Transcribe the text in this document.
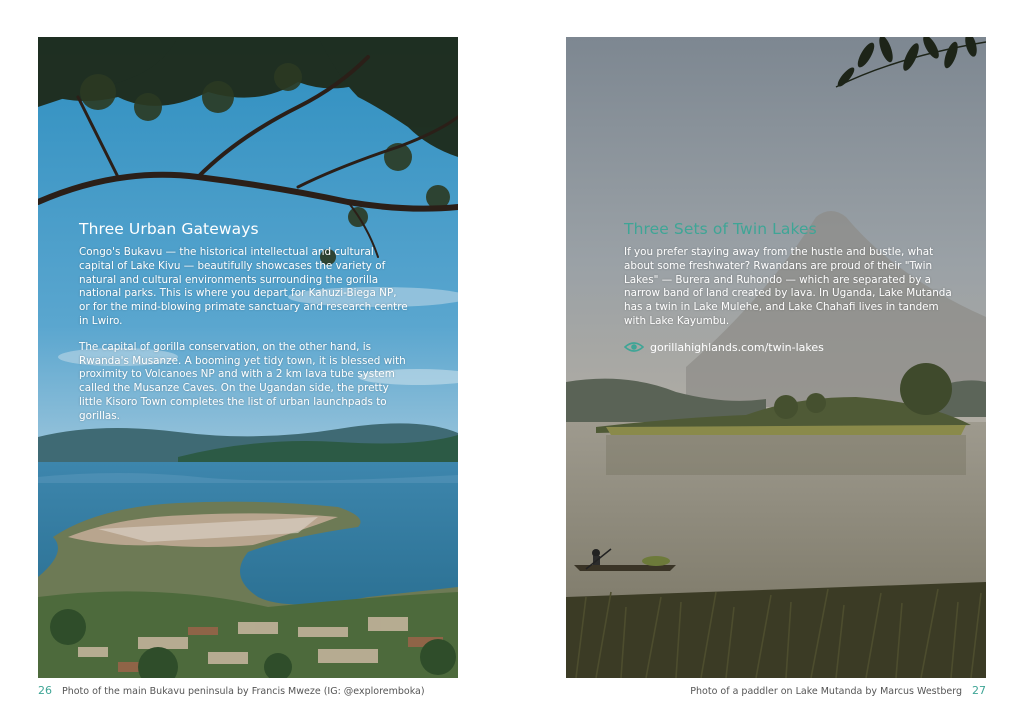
Three Urban Gateways

Congo's Bukavu — the historical intellectual and cultural capital of Lake Kivu — beautifully showcases the variety of natural and cultural environments surrounding the gorilla national parks. This is where you depart for Kahuzi-Biega NP, or for the mind-blowing primate sanctuary and research centre in Lwiro.

The capital of gorilla conservation, on the other hand, is Rwanda's Musanze. A booming yet tidy town, it is blessed with proximity to Volcanoes NP and with a 2 km lava tube system called the Musanze Caves. On the Ugandan side, the pretty little Kisoro Town completes the list of urban launchpads to gorillas.

Three Sets of Twin Lakes

If you prefer staying away from the hustle and bustle, what about some freshwater? Rwandans are proud of their "Twin Lakes" — Burera and Ruhondo — which are separated by a narrow band of land created by lava. In Uganda, Lake Mutanda has a twin in Lake Mulehe, and Lake Chahafi lives in tandem with Lake Kayumbu.

gorillahighlands.com/twin-lakes
26 Photo of the main Bukavu peninsula by Francis Mweze (IG: @exploremboka)	Photo of a paddler on Lake Mutanda by Marcus Westberg 27
